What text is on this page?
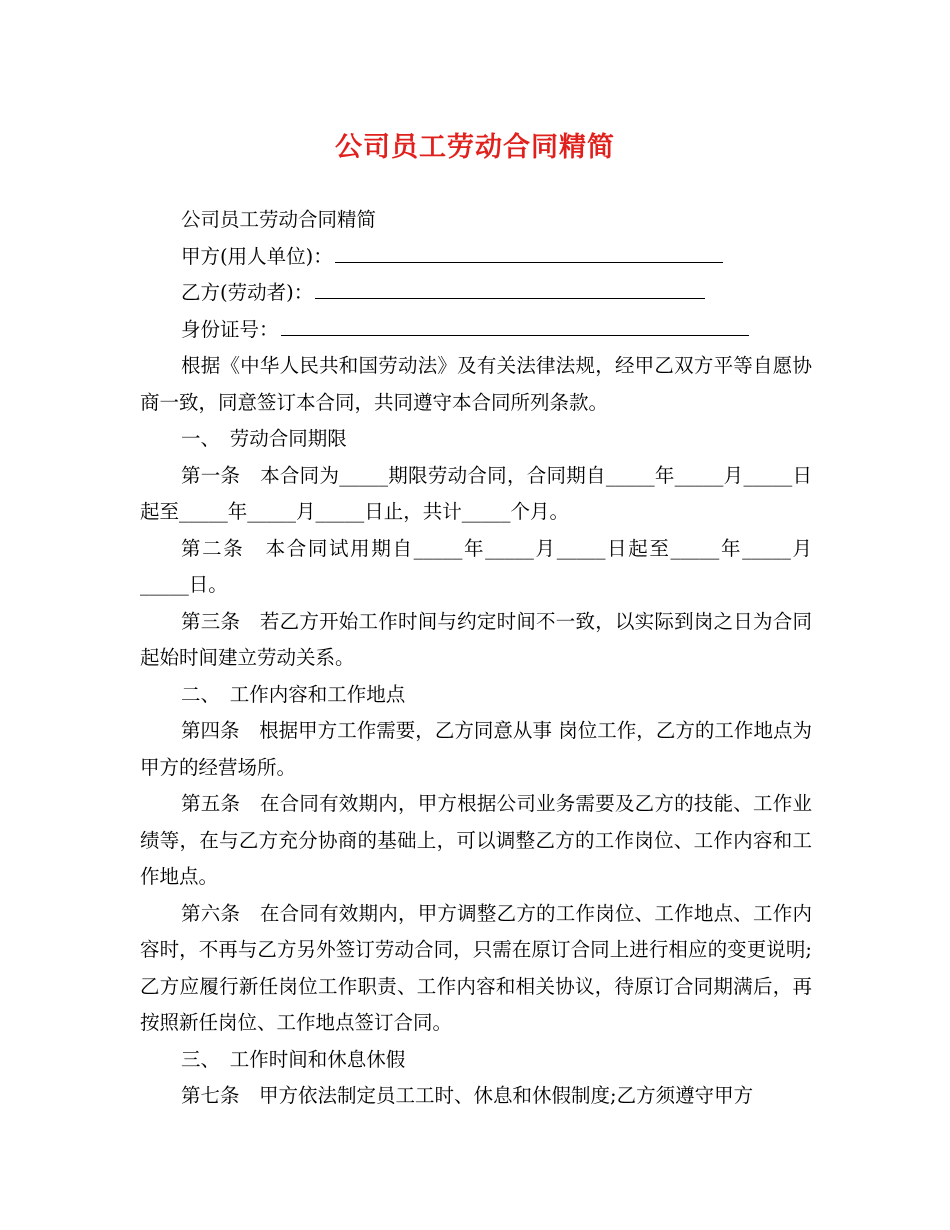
公司员工劳动合同精简

公司员工劳动合同精简

甲方(用人单位)：

乙方(劳动者)：

身份证号：

根据《中华人民共和国劳动法》及有关法律法规，经甲乙双方平等自愿协商一致，同意签订本合同，共同遵守本合同所列条款。

一、　劳动合同期限

第一条　本合同为_____期限劳动合同，合同期自_____年_____月_____日起至_____年_____月_____日止，共计_____个月。

第二条　本合同试用期自_____年_____月_____日起至_____年_____月_____日。

第三条　若乙方开始工作时间与约定时间不一致，以实际到岗之日为合同起始时间建立劳动关系。

二、　工作内容和工作地点

第四条　根据甲方工作需要，乙方同意从事 岗位工作，乙方的工作地点为甲方的经营场所。

第五条　在合同有效期内，甲方根据公司业务需要及乙方的技能、工作业绩等，在与乙方充分协商的基础上，可以调整乙方的工作岗位、工作内容和工作地点。

第六条　在合同有效期内，甲方调整乙方的工作岗位、工作地点、工作内容时，不再与乙方另外签订劳动合同，只需在原订合同上进行相应的变更说明;乙方应履行新任岗位工作职责、工作内容和相关协议，待原订合同期满后，再按照新任岗位、工作地点签订合同。

三、　工作时间和休息休假

第七条　甲方依法制定员工工时、休息和休假制度;乙方须遵守甲方
